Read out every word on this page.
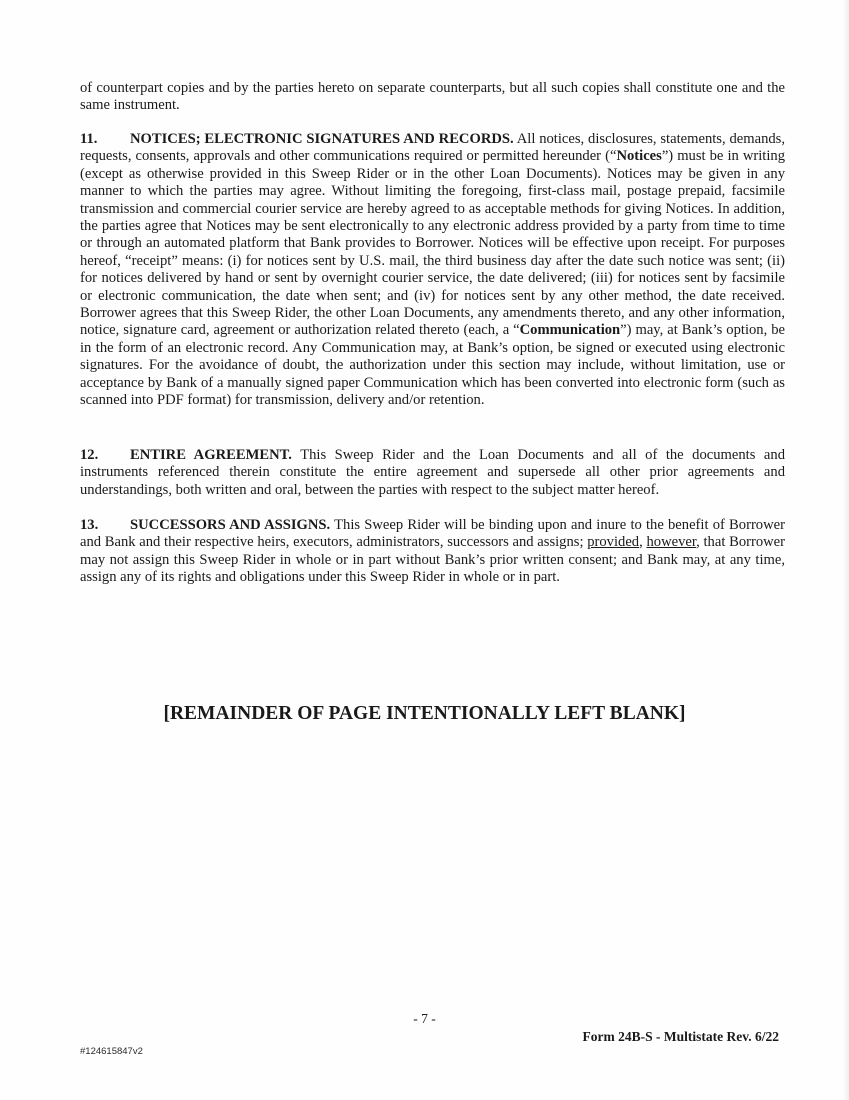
of counterpart copies and by the parties hereto on separate counterparts, but all such copies shall constitute one and the same instrument.

11. NOTICES; ELECTRONIC SIGNATURES AND RECORDS. All notices, disclosures, statements, demands, requests, consents, approvals and other communications required or permitted hereunder (“Notices”) must be in writing (except as otherwise provided in this Sweep Rider or in the other Loan Documents). Notices may be given in any manner to which the parties may agree. Without limiting the foregoing, first-class mail, postage prepaid, facsimile transmission and commercial courier service are hereby agreed to as acceptable methods for giving Notices. In addition, the parties agree that Notices may be sent electronically to any electronic address provided by a party from time to time or through an automated platform that Bank provides to Borrower. Notices will be effective upon receipt. For purposes hereof, “receipt” means: (i) for notices sent by U.S. mail, the third business day after the date such notice was sent; (ii) for notices delivered by hand or sent by overnight courier service, the date delivered; (iii) for notices sent by facsimile or electronic communication, the date when sent; and (iv) for notices sent by any other method, the date received. Borrower agrees that this Sweep Rider, the other Loan Documents, any amendments thereto, and any other information, notice, signature card, agreement or authorization related thereto (each, a “Communication”) may, at Bank’s option, be in the form of an electronic record. Any Communication may, at Bank’s option, be signed or executed using electronic signatures. For the avoidance of doubt, the authorization under this section may include, without limitation, use or acceptance by Bank of a manually signed paper Communication which has been converted into electronic form (such as scanned into PDF format) for transmission, delivery and/or retention.

12. ENTIRE AGREEMENT. This Sweep Rider and the Loan Documents and all of the documents and instruments referenced therein constitute the entire agreement and supersede all other prior agreements and understandings, both written and oral, between the parties with respect to the subject matter hereof.

13. SUCCESSORS AND ASSIGNS. This Sweep Rider will be binding upon and inure to the benefit of Borrower and Bank and their respective heirs, executors, administrators, successors and assigns; provided, however, that Borrower may not assign this Sweep Rider in whole or in part without Bank’s prior written consent; and Bank may, at any time, assign any of its rights and obligations under this Sweep Rider in whole or in part.

[REMAINDER OF PAGE INTENTIONALLY LEFT BLANK]

- 7 -
Form 24B-S - Multistate Rev. 6/22
#124615847v2
